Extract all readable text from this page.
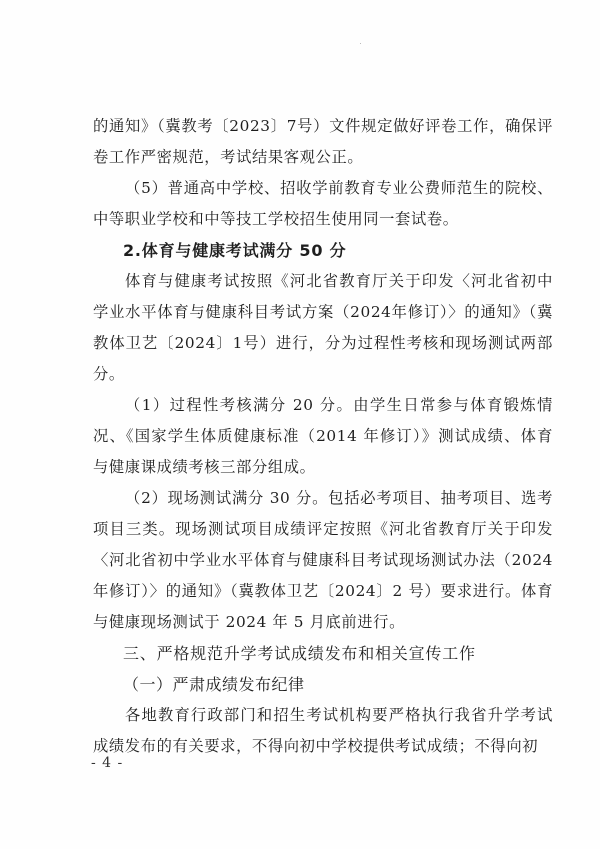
的通知》（冀教考〔2023〕7号）文件规定做好评卷工作，确保评卷工作严密规范，考试结果客观公正。

（5）普通高中学校、招收学前教育专业公费师范生的院校、中等职业学校和中等技工学校招生使用同一套试卷。

2.体育与健康考试满分 50 分

体育与健康考试按照《河北省教育厅关于印发〈河北省初中学业水平体育与健康科目考试方案（2024年修订）〉的通知》（冀教体卫艺〔2024〕1号）进行，分为过程性考核和现场测试两部分。

（1）过程性考核满分 20 分。由学生日常参与体育锻炼情况、《国家学生体质健康标准（2014 年修订）》测试成绩、体育与健康课成绩考核三部分组成。

（2）现场测试满分 30 分。包括必考项目、抽考项目、选考项目三类。现场测试项目成绩评定按照《河北省教育厅关于印发〈河北省初中学业水平体育与健康科目考试现场测试办法（2024年修订）〉的通知》（冀教体卫艺〔2024〕2 号）要求进行。体育与健康现场测试于 2024 年 5 月底前进行。

三、严格规范升学考试成绩发布和相关宣传工作

（一）严肃成绩发布纪律

各地教育行政部门和招生考试机构要严格执行我省升学考试成绩发布的有关要求，不得向初中学校提供考试成绩；不得向初

- 4 -
